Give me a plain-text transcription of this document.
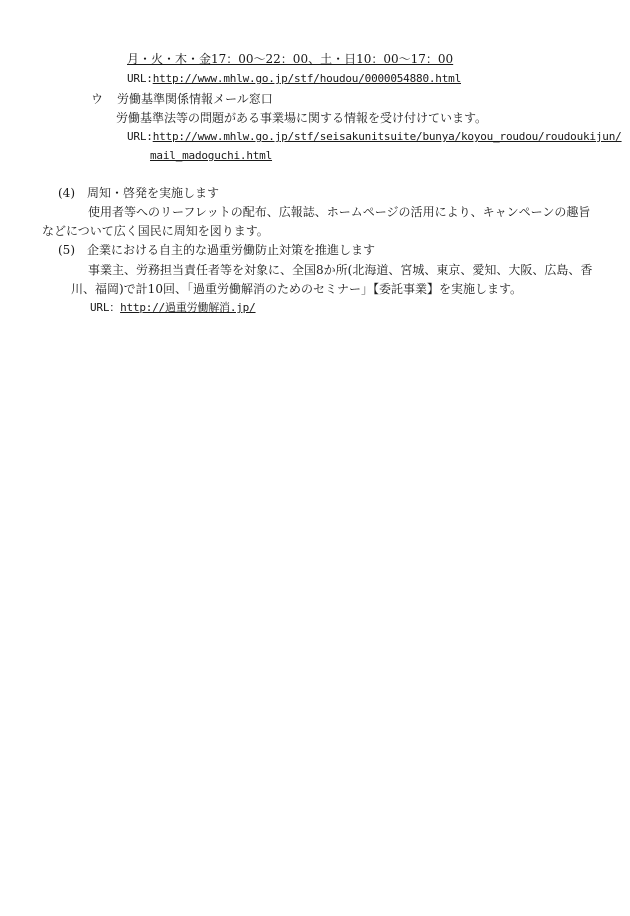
月・火・木・金17：00～22：00、土・日10：00～17：00
URL:http://www.mhlw.go.jp/stf/houdou/0000054880.html
ウ 労働基準関係情報メール窓口
労働基準法等の問題がある事業場に関する情報を受け付けています。
URL:http://www.mhlw.go.jp/stf/seisakunitsuite/bunya/koyou_roudou/roudoukijun/
mail_madoguchi.html
(4) 周知・啓発を実施します
使用者等へのリーフレットの配布、広報誌、ホームページの活用により、キャンペーンの趣旨
などについて広く国民に周知を図ります。
(5) 企業における自主的な過重労働防止対策を推進します
事業主、労務担当責任者等を対象に、全国8か所(北海道、宮城、東京、愛知、大阪、広島、香
川、福岡)で計10回、「過重労働解消のためのセミナー」【委託事業】を実施します。
URL：http://過重労働解消.jp/
